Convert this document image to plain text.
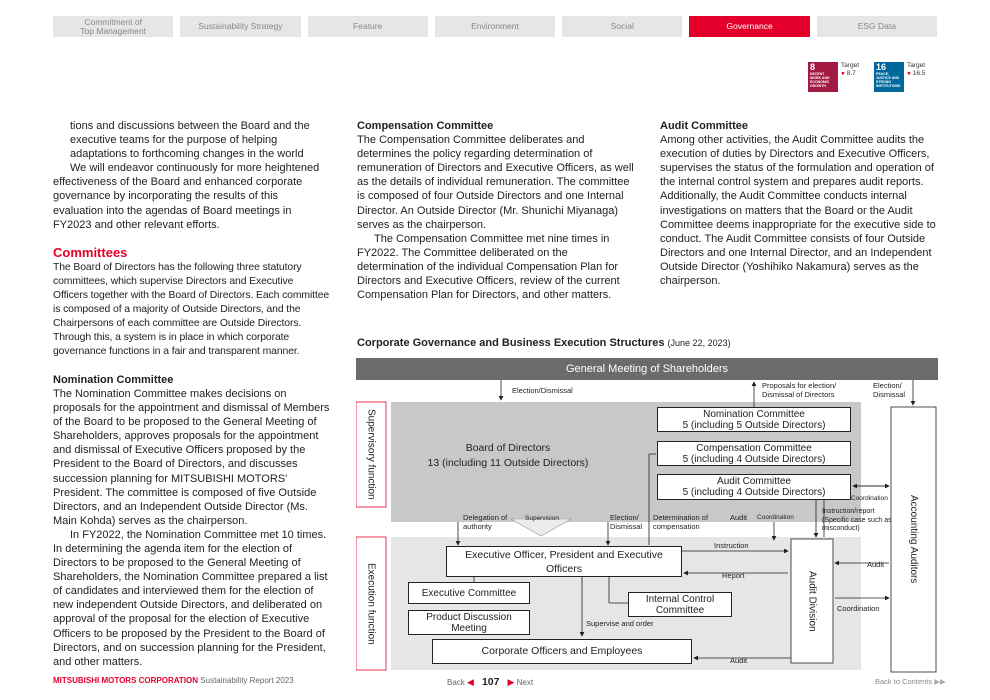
Commitment of
Top Management	Sustainability Strategy	Feature	Environment	Social	Governance	ESG Data
8
DECENT WORK AND ECONOMIC GROWTH
Target
● 8.7
16
PEACE, JUSTICE AND STRONG INSTITUTIONS
Target
● 16.5

tions and discussions between the Board and the executive teams for the purpose of helping adaptations to forthcoming changes in the world

We will endeavor continuously for more heightened effectiveness of the Board and enhanced corporate governance by incorporating the results of this evaluation into the agendas of Board meetings in FY2023 and other relevant efforts.

Committees

The Board of Directors has the following three statutory committees, which supervise Directors and Executive Officers together with the Board of Directors. Each committee is composed of a majority of Outside Directors, and the Chairpersons of each committee are Outside Directors. Through this, a system is in place in which corporate governance functions in a fair and transparent manner.

Nomination Committee

The Nomination Committee makes decisions on proposals for the appointment and dismissal of Members of the Board to be proposed to the General Meeting of Shareholders, approves proposals for the appointment and dismissal of Executive Officers proposed by the President to the Board of Directors, and discusses succession planning for MITSUBISHI MOTORS' President. The committee is composed of five Outside Directors, and an Independent Outside Director (Ms. Main Kohda) serves as the chairperson.

In FY2022, the Nomination Committee met 10 times. In determining the agenda item for the election of Directors to be proposed to the General Meeting of Shareholders, the Nomination Committee prepared a list of candidates and interviewed them for the election of new independent Outside Directors, and deliberated on approval of the proposal for the election of Executive Officers to be proposed by the President to the Board of Directors, and on succession planning for the President, and other matters.

Compensation Committee

The Compensation Committee deliberates and determines the policy regarding determination of remuneration of Directors and Executive Officers, as well as the details of individual remuneration. The committee is composed of four Outside Directors and one Internal Director. An Outside Director (Mr. Shunichi Miyanaga) serves as the chairperson.

The Compensation Committee met nine times in FY2022. The Committee deliberated on the determination of the individual Compensation Plan for Directors and Executive Officers, review of the current Compensation Plan for Directors, and other matters.

Audit Committee

Among other activities, the Audit Committee audits the execution of duties by Directors and Executive Officers, supervises the status of the formulation and operation of the internal control system and prepares audit reports. Additionally, the Audit Committee conducts internal investigations on matters that the Board or the Audit Committee deems inappropriate for the executive side to conduct. The Audit Committee consists of four Outside Directors and one Internal Director, and an Independent Outside Director (Yoshihiko Nakamura) serves as the chairperson.

Corporate Governance and Business Execution Structures (June 22, 2023)
General Meeting of Shareholders
Supervisory function
Execution function
Board of Directors
13 (including 11 Outside Directors)
Nomination Committee
5 (including 5 Outside Directors)
Compensation Committee
5 (including 4 Outside Directors)
Audit Committee
5 (including 4 Outside Directors)
Accounting Auditors
Executive Officer, President and Executive Officers
Executive Committee
Product Discussion Meeting
Internal Control Committee	Audit Division
Corporate Officers and Employees
Election/Dismissal
Proposals for election/ Dismissal of Directors
Election/ Dismissal
Coordination
Instruction/report (Specific case such as misconduct)
Delegation of authority
Supervision	Election/ Dismissal
Determination of compensation
Audit Coordination
Instruction
Report
Audit
Coordination
Supervise and order
Audit
MITSUBISHI MOTORS CORPORATION Sustainability Report 2023	Back ◀ 107 ▶ Next	Back to Contents ▶▶
